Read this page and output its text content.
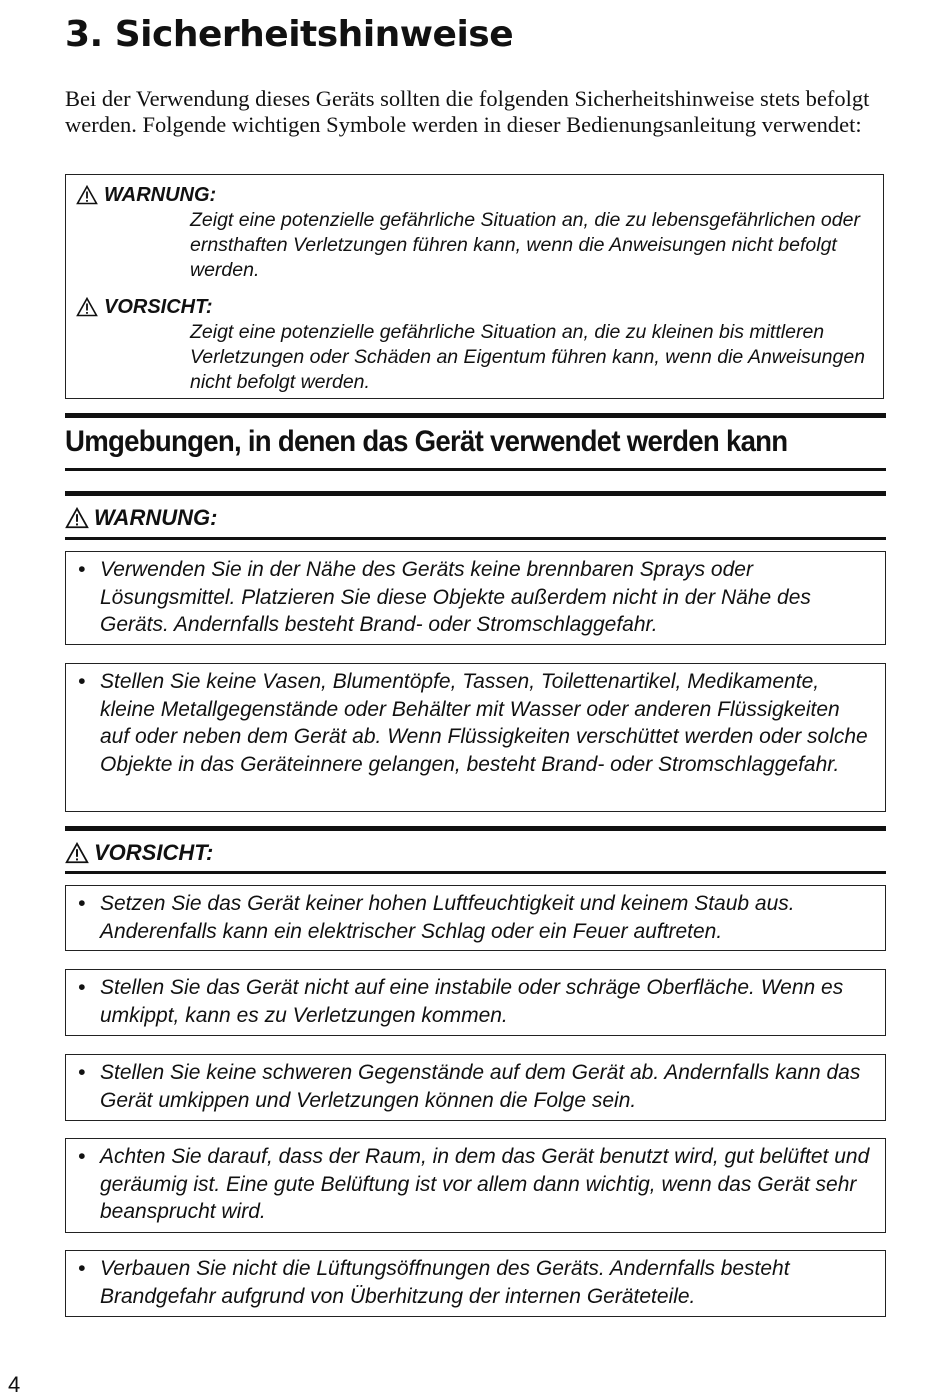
3. Sicherheitshinweise

Bei der Verwendung dieses Geräts sollten die folgenden Sicherheitshinweise stets befolgt werden. Folgende wichtigen Symbole werden in dieser Bedienungsanleitung verwendet:

WARNUNG:
Zeigt eine potenzielle gefährliche Situation an, die zu lebensgefährlichen oder ernsthaften Verletzungen führen kann, wenn die Anweisungen nicht befolgt werden.
VORSICHT:
Zeigt eine potenzielle gefährliche Situation an, die zu kleinen bis mittleren Verletzungen oder Schäden an Eigentum führen kann, wenn die Anweisungen nicht befolgt werden.
Umgebungen, in denen das Gerät verwendet werden kann
WARNUNG:
• Verwenden Sie in der Nähe des Geräts keine brennbaren Sprays oder Lösungsmittel. Platzieren Sie diese Objekte außerdem nicht in der Nähe des Geräts. Andernfalls besteht Brand- oder Stromschlaggefahr.
• Stellen Sie keine Vasen, Blumentöpfe, Tassen, Toilettenartikel, Medikamente, kleine Metallgegenstände oder Behälter mit Wasser oder anderen Flüssigkeiten auf oder neben dem Gerät ab. Wenn Flüssigkeiten verschüttet werden oder solche Objekte in das Geräteinnere gelangen, besteht Brand- oder Stromschlaggefahr.
VORSICHT:
• Setzen Sie das Gerät keiner hohen Luftfeuchtigkeit und keinem Staub aus. Anderenfalls kann ein elektrischer Schlag oder ein Feuer auftreten.
• Stellen Sie das Gerät nicht auf eine instabile oder schräge Oberfläche. Wenn es umkippt, kann es zu Verletzungen kommen.
• Stellen Sie keine schweren Gegenstände auf dem Gerät ab. Andernfalls kann das Gerät umkippen und Verletzungen können die Folge sein.
• Achten Sie darauf, dass der Raum, in dem das Gerät benutzt wird, gut belüftet und geräumig ist. Eine gute Belüftung ist vor allem dann wichtig, wenn das Gerät sehr beansprucht wird.
• Verbauen Sie nicht die Lüftungsöffnungen des Geräts. Andernfalls besteht Brandgefahr aufgrund von Überhitzung der internen Geräteteile.
4
